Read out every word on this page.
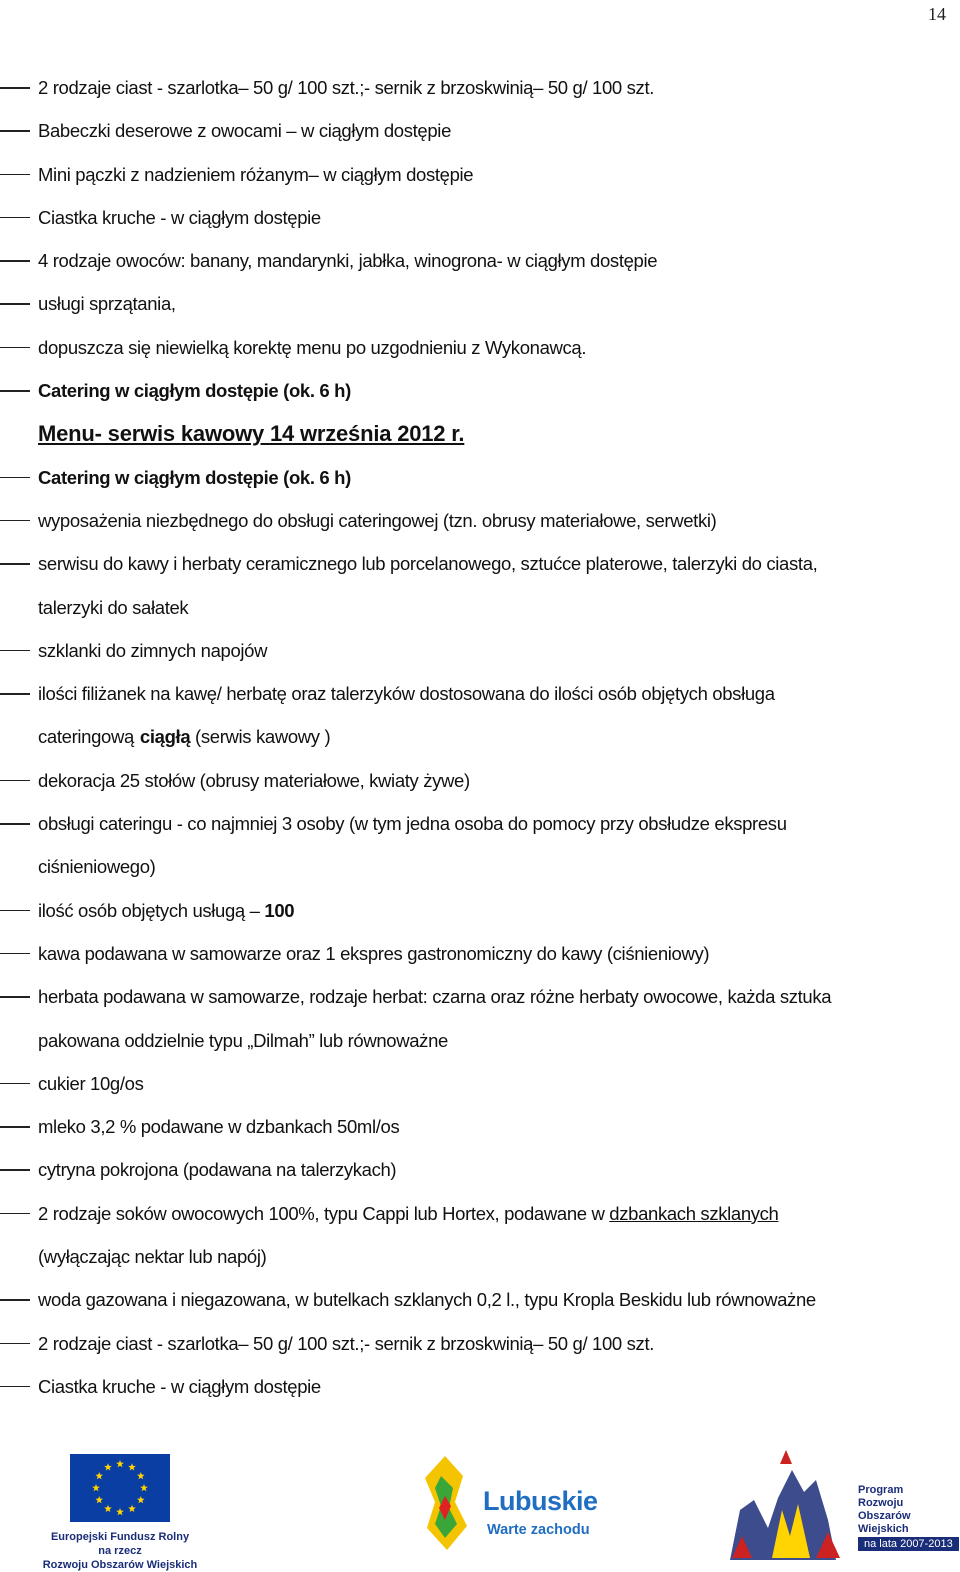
14
2 rodzaje ciast - szarlotka– 50 g/ 100 szt.;- sernik z brzoskwinią– 50 g/ 100 szt.
Babeczki deserowe z owocami – w ciągłym dostępie
Mini pączki z nadzieniem różanym– w ciągłym dostępie
Ciastka kruche - w ciągłym dostępie
4 rodzaje owoców: banany, mandarynki, jabłka, winogrona- w ciągłym dostępie
usługi sprzątania,
dopuszcza się niewielką korektę menu po uzgodnieniu z Wykonawcą.
Catering w ciągłym dostępie (ok. 6 h)
Menu- serwis kawowy 14 września 2012 r.
Catering w ciągłym dostępie (ok. 6 h)
wyposażenia niezbędnego do obsługi cateringowej (tzn. obrusy materiałowe, serwetki)
serwisu do kawy i herbaty ceramicznego lub porcelanowego, sztućce platerowe, talerzyki do ciasta,
talerzyki do sałatek
szklanki do zimnych napojów
ilości filiżanek na kawę/ herbatę oraz talerzyków dostosowana do ilości osób objętych obsługa
cateringową ciągłą (serwis kawowy )
dekoracja 25 stołów (obrusy materiałowe, kwiaty żywe)
obsługi cateringu - co najmniej 3 osoby (w tym jedna osoba do pomocy przy obsłudze ekspresu
ciśnieniowego)
ilość osób objętych usługą – 100
kawa podawana w samowarze oraz 1 ekspres gastronomiczny do kawy (ciśnieniowy)
herbata podawana w samowarze, rodzaje herbat: czarna oraz różne herbaty owocowe, każda sztuka
pakowana oddzielnie typu „Dilmah” lub równoważne
cukier 10g/os
mleko 3,2 % podawane w dzbankach 50ml/os
cytryna pokrojona (podawana na talerzykach)
2 rodzaje soków owocowych 100%, typu Cappi lub Hortex, podawane w dzbankach szklanych
(wyłączając nektar lub napój)
woda gazowana i niegazowana, w butelkach szklanych 0,2 l., typu Kropla Beskidu lub równoważne
2 rodzaje ciast - szarlotka– 50 g/ 100 szt.;- sernik z brzoskwinią– 50 g/ 100 szt.
Ciastka kruche - w ciągłym dostępie
Europejski Fundusz Rolny
na rzecz
Rozwoju Obszarów Wiejskich
Lubuskie
Warte zachodu
Program
Rozwoju
Obszarów
Wiejskich
na lata 2007-2013
